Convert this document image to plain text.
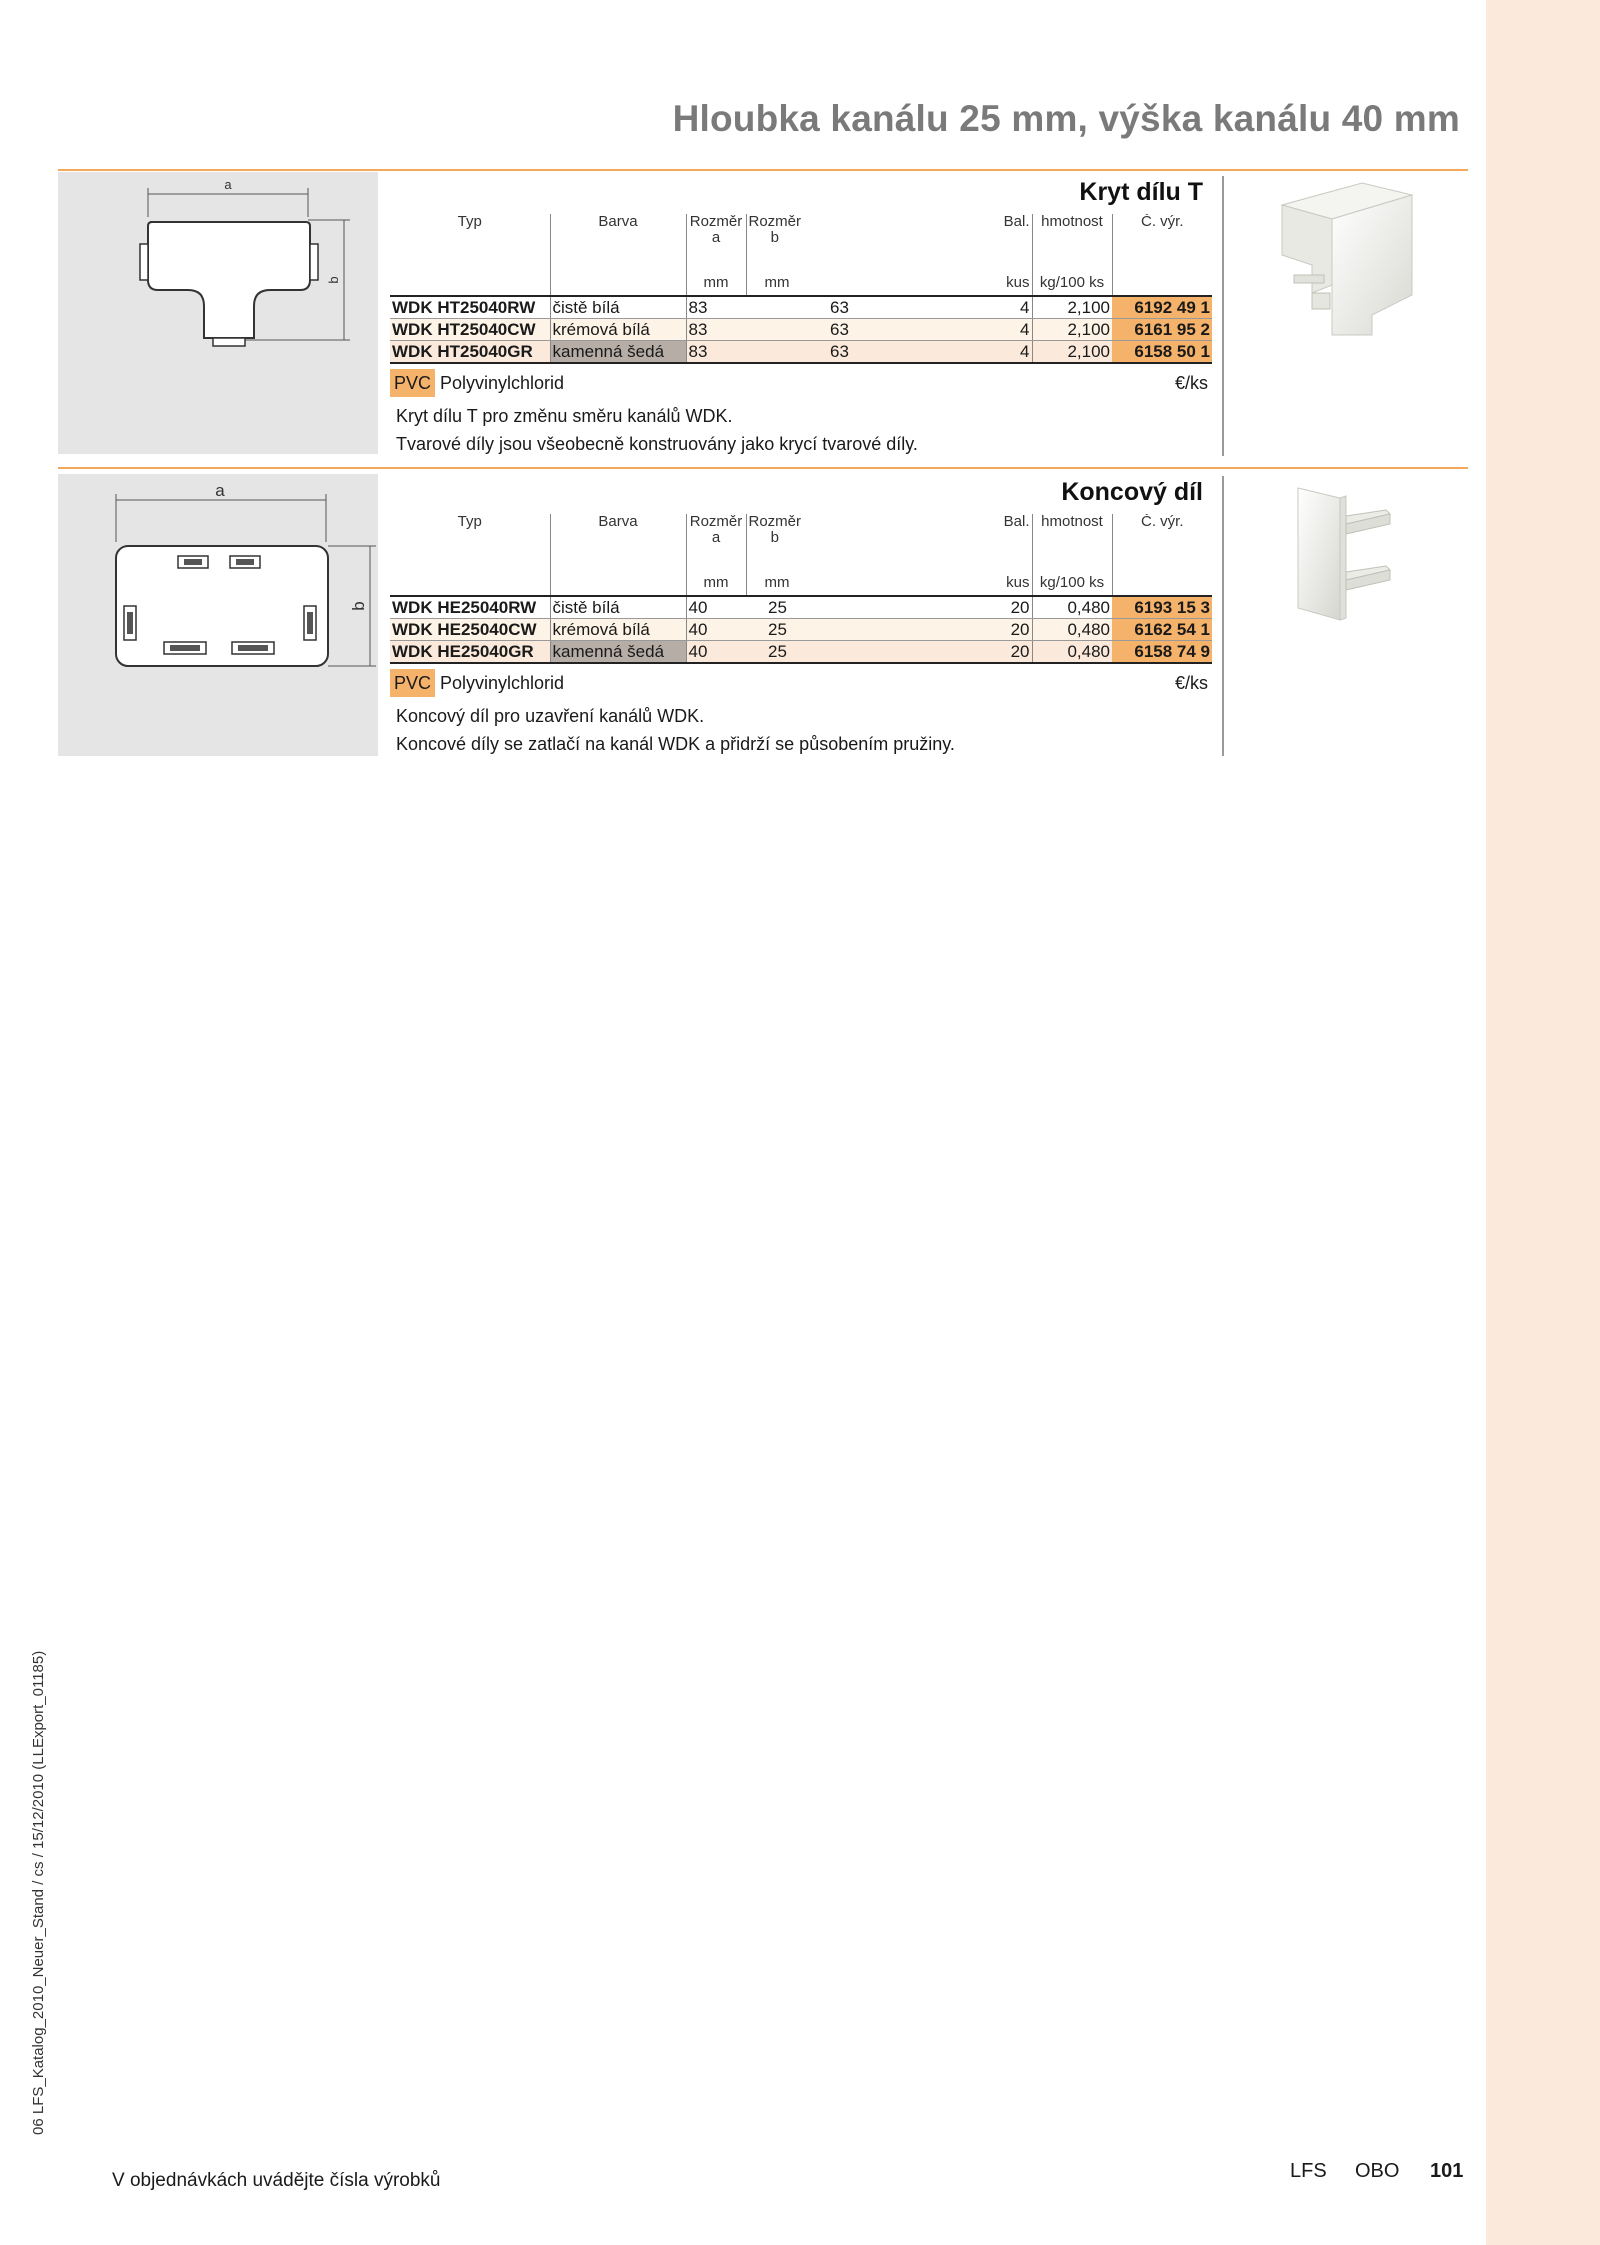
Hloubka kanálu 25 mm, výška kanálu 40 mm
a
b
Kryt dílu T
Typ	Barva	Rozměr
a	Rozměr
b	Bal.	hmotnost	Č. výr.
		mm	mm	kus	kg/100 ks	
WDK HT25040RW	čistě bílá	83	63	4	2,100	6192 49 1
WDK HT25040CW	krémová bílá	83	63	4	2,100	6161 95 2
WDK HT25040GR	kamenná šedá	83	63	4	2,100	6158 50 1
PVC Polyvinylchlorid	€/ks
Kryt dílu T pro změnu směru kanálů WDK.
Tvarové díly jsou všeobecně konstruovány jako krycí tvarové díly.
a
b
Koncový díl
Typ	Barva	Rozměr
a	Rozměr
b	Bal.	hmotnost	Č. výr.
		mm	mm	kus	kg/100 ks	
WDK HE25040RW	čistě bílá	40	25	20	0,480	6193 15 3
WDK HE25040CW	krémová bílá	40	25	20	0,480	6162 54 1
WDK HE25040GR	kamenná šedá	40	25	20	0,480	6158 74 9
PVC Polyvinylchlorid	€/ks
Koncový díl pro uzavření kanálů WDK.
Koncové díly se zatlačí na kanál WDK a přidrží se působením pružiny.
06 LFS_Katalog_2010_Neuer_Stand / cs / 15/12/2010 (LLExport_01185)
V objednávkách uvádějte čísla výrobků	LFS OBO 101
